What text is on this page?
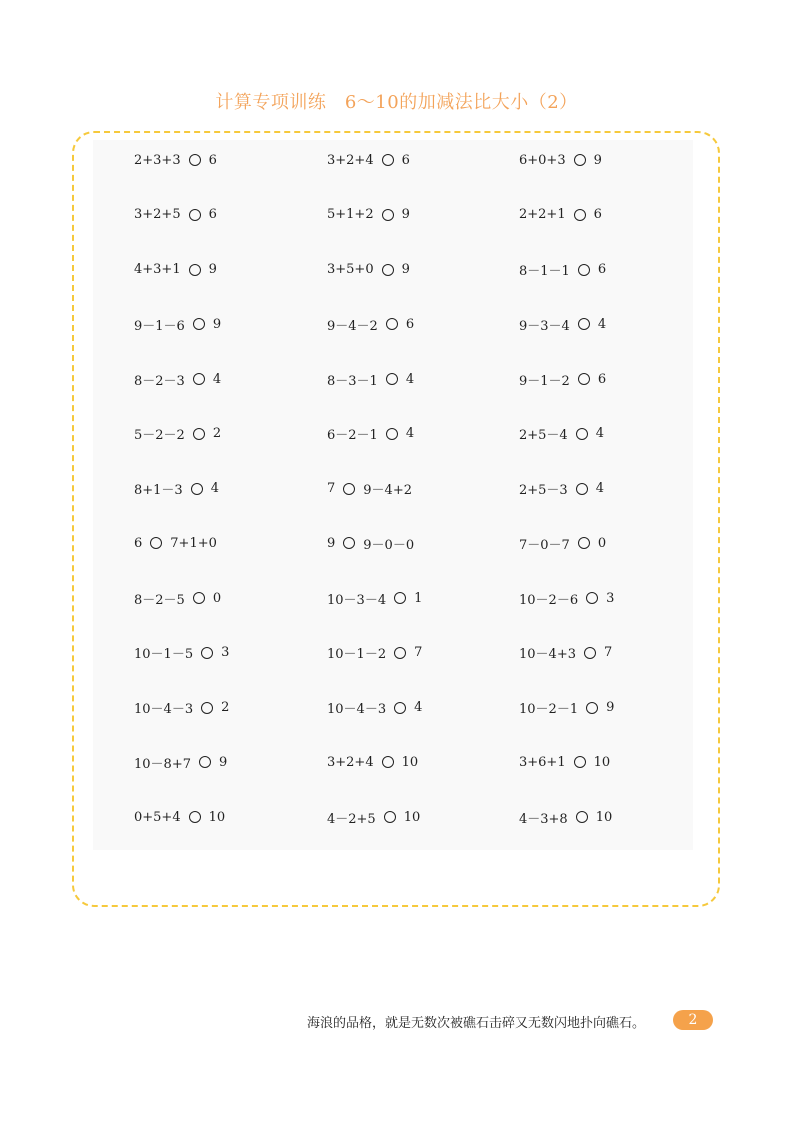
计算专项训练　6～10的加减法比大小（2）
2+3+3 6	3+2+4 6	6+0+3 9
3+2+5 6	5+1+2 9	2+2+1 6
4+3+1 9	3+5+0 9	8－1－1 6
9－1－6 9	9－4－2 6	9－3－4 4
8－2－3 4	8－3－1 4	9－1－2 6
5－2－2 2	6－2－1 4	2+5－4 4
8+1－3 4	7 9－4+2	2+5－3 4
6 7+1+0	9 9－0－0	7－0－7 0
8－2－5 0	10－3－4 1	10－2－6 3
10－1－5 3	10－1－2 7	10－4+3 7
10－4－3 2	10－4－3 4	10－2－1 9
10－8+7 9	3+2+4 10	3+6+1 10
0+5+4 10	4－2+5 10	4－3+8 10
海浪的品格，就是无数次被礁石击碎又无数闪地扑向礁石。	2
